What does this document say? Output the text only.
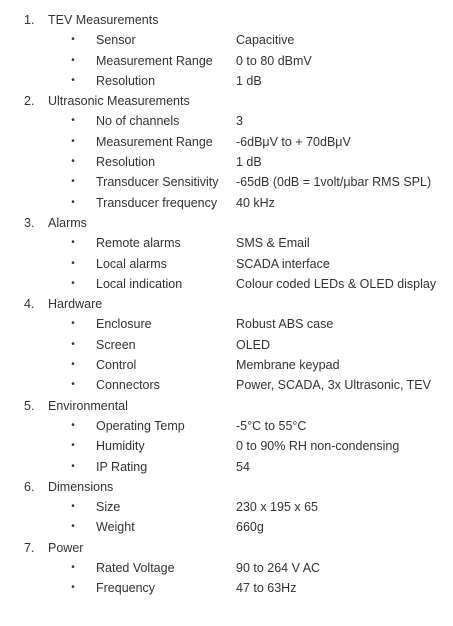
1. TEV Measurements
• Sensor	Capacitive
• Measurement Range 0 to 80 dBmV
• Resolution	1 dB
2. Ultrasonic Measurements
• No of channels	3
• Measurement Range -6dBμV to + 70dBμV
• Resolution	1 dB
• Transducer Sensitivity -65dB (0dB = 1volt/μbar RMS SPL)
• Transducer frequency 40 kHz
3. Alarms
• Remote alarms	SMS & Email
• Local alarms	SCADA interface
• Local indication	Colour coded LEDs & OLED display
4. Hardware
• Enclosure	Robust ABS case
• Screen	OLED
• Control	Membrane keypad
• Connectors	Power, SCADA, 3x Ultrasonic, TEV
5. Environmental
• Operating Temp	-5°C to 55°C
• Humidity	0 to 90% RH non-condensing
• IP Rating	54
6. Dimensions
• Size	230 x 195 x 65
• Weight	660g
7. Power
• Rated Voltage	90 to 264 V AC
• Frequency	47 to 63Hz
